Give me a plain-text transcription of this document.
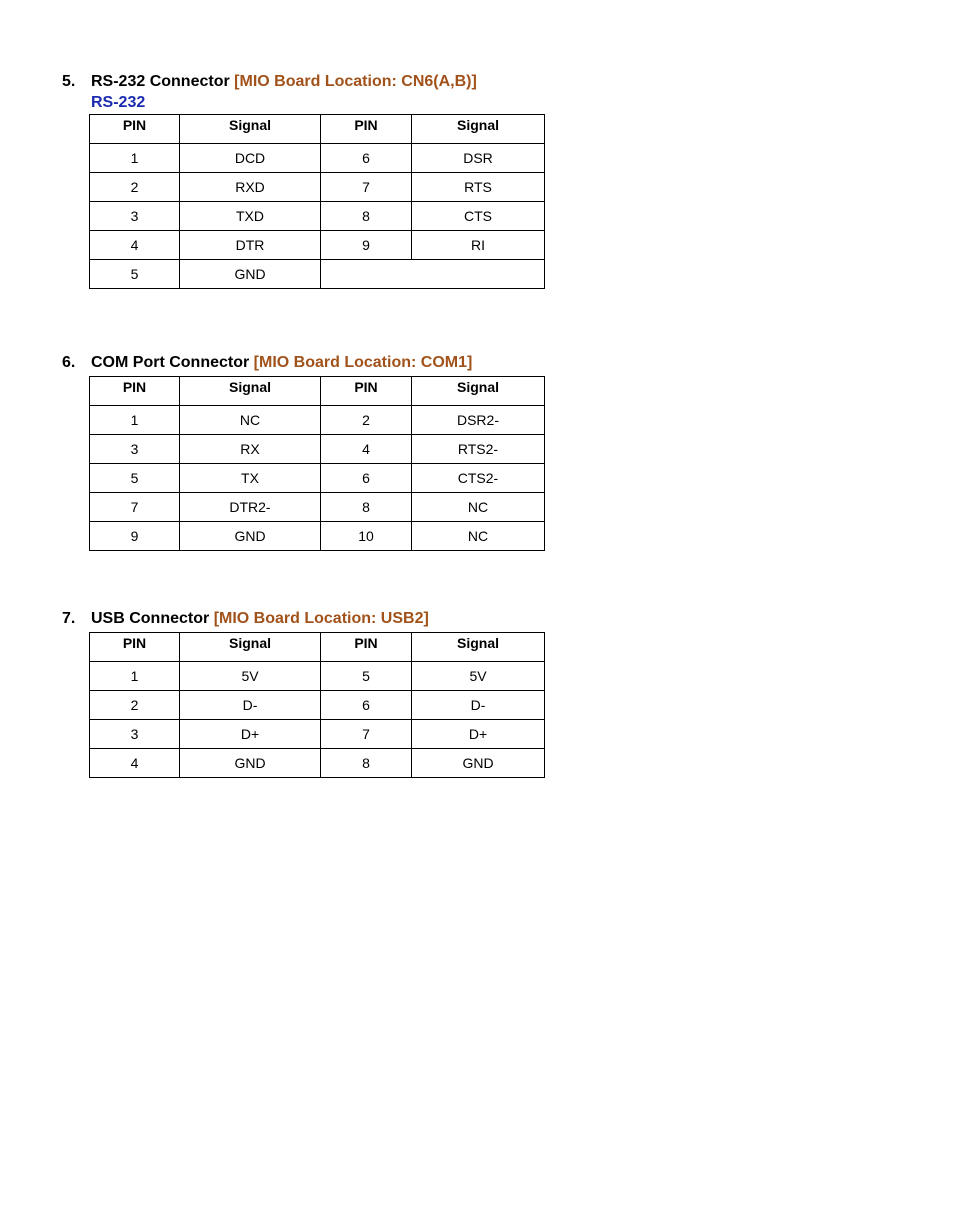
5. RS-232 Connector [MIO Board Location: CN6(A,B)]
RS-232
PIN	Signal	PIN	Signal
1	DCD	6	DSR
2	RXD	7	RTS
3	TXD	8	CTS
4	DTR	9	RI
5	GND		
6. COM Port Connector [MIO Board Location: COM1]
PIN	Signal	PIN	Signal
1	NC	2	DSR2-
3	RX	4	RTS2-
5	TX	6	CTS2-
7	DTR2-	8	NC
9	GND	10	NC
7. USB Connector [MIO Board Location: USB2]
PIN	Signal	PIN	Signal
1	5V	5	5V
2	D-	6	D-
3	D+	7	D+
4	GND	8	GND
